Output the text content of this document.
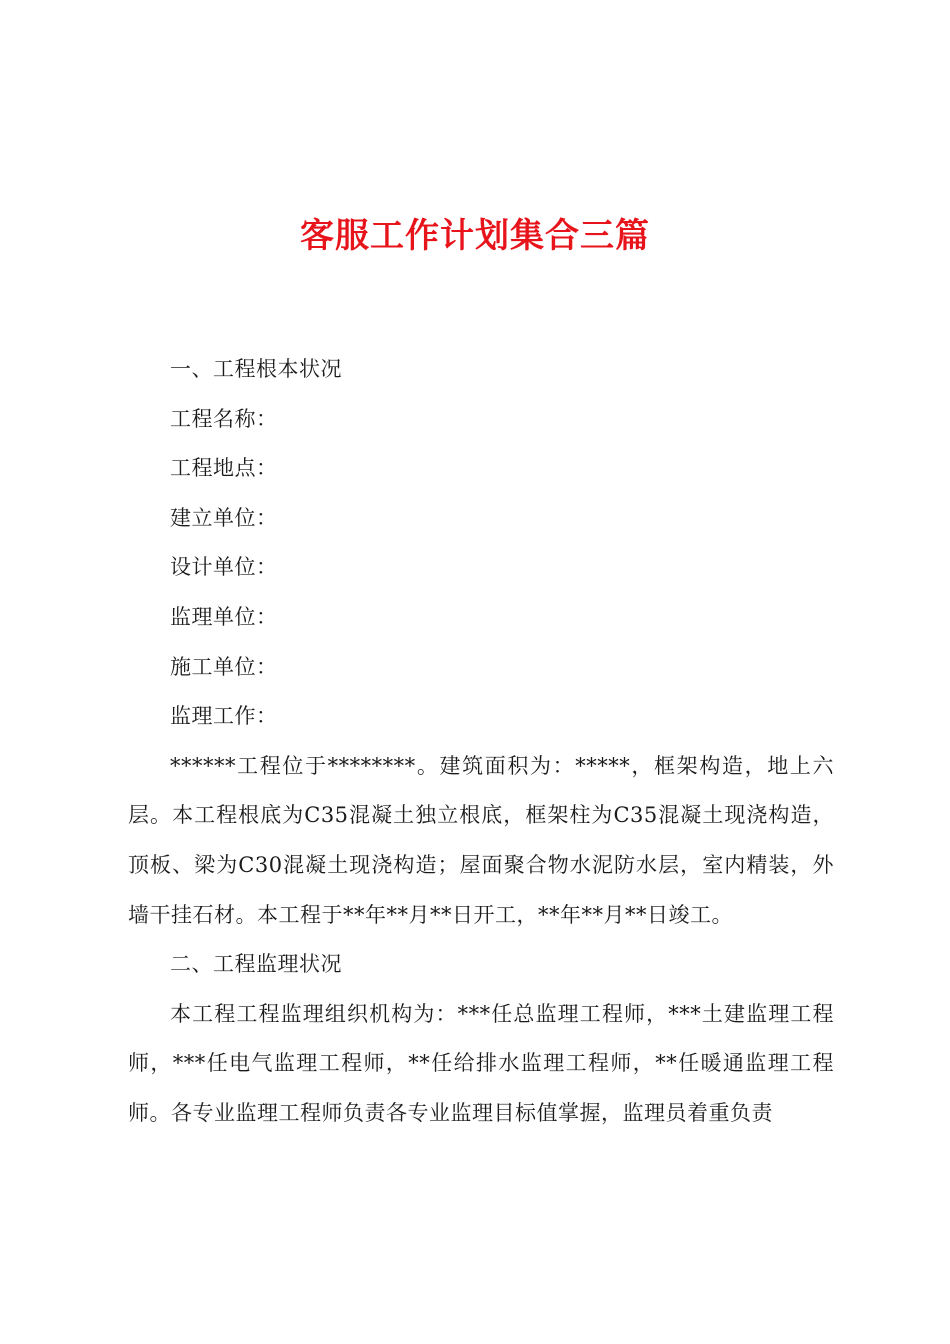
客服工作计划集合三篇

一、工程根本状况

工程名称：

工程地点：

建立单位：

设计单位：

监理单位：

施工单位：

监理工作：

******工程位于********。建筑面积为：*****，框架构造，地上六层。本工程根底为C35混凝土独立根底，框架柱为C35混凝土现浇构造，顶板、梁为C30混凝土现浇构造；屋面聚合物水泥防水层，室内精装，外墙干挂石材。本工程于**年**月**日开工，**年**月**日竣工。

二、工程监理状况

本工程工程监理组织机构为：***任总监理工程师，***土建监理工程师，***任电气监理工程师，**任给排水监理工程师，**任暖通监理工程师。各专业监理工程师负责各专业监理目标值掌握，监理员着重负责
